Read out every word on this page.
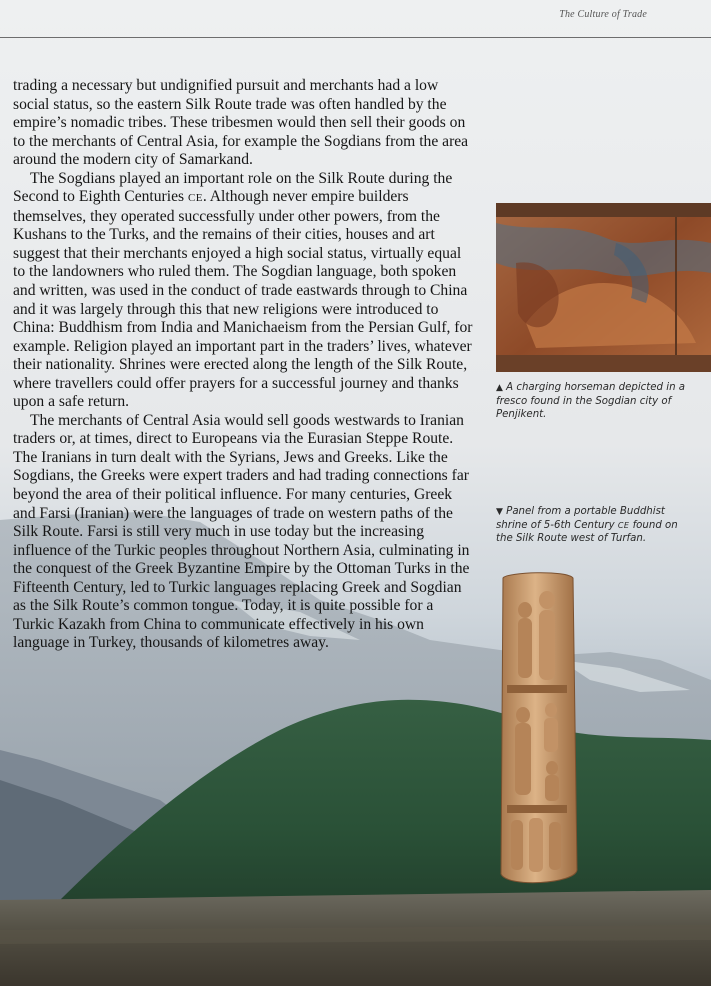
The Culture of Trade

trading a necessary but undignified pursuit and merchants had a low social status, so the eastern Silk Route trade was often handled by the empire’s nomadic tribes. These tribesmen would then sell their goods on to the merchants of Central Asia, for example the Sogdians from the area around the modern city of Samarkand.

The Sogdians played an important role on the Silk Route during the Second to Eighth Centuries CE. Although never empire builders themselves, they operated successfully under other powers, from the Kushans to the Turks, and the remains of their cities, houses and art suggest that their merchants enjoyed a high social status, virtually equal to the landowners who ruled them. The Sogdian language, both spoken and written, was used in the conduct of trade eastwards through to China and it was largely through this that new religions were introduced to China: Buddhism from India and Manichaeism from the Persian Gulf, for example. Religion played an important part in the traders’ lives, whatever their nationality. Shrines were erected along the length of the Silk Route, where travellers could offer prayers for a successful journey and thanks upon a safe return.

The merchants of Central Asia would sell goods westwards to Iranian traders or, at times, direct to Europeans via the Eurasian Steppe Route. The Iranians in turn dealt with the Syrians, Jews and Greeks. Like the Sogdians, the Greeks were expert traders and had trading connections far beyond the area of their political influence. For many centuries, Greek and Farsi (Iranian) were the languages of trade on western paths of the Silk Route. Farsi is still very much in use today but the increasing influence of the Turkic peoples throughout Northern Asia, culminating in the conquest of the Greek Byzantine Empire by the Ottoman Turks in the Fifteenth Century, led to Turkic languages replacing Greek and Sogdian as the Silk Route’s common tongue. Today, it is quite possible for a Turkic Kazakh from China to communicate effectively in his own language in Turkey, thousands of kilometres away.

▲ A charging horseman depicted in a fresco found in the Sogdian city of Penjikent.
▼ Panel from a portable Buddhist shrine of 5-6th Century CE found on the Silk Route west of Turfan.
